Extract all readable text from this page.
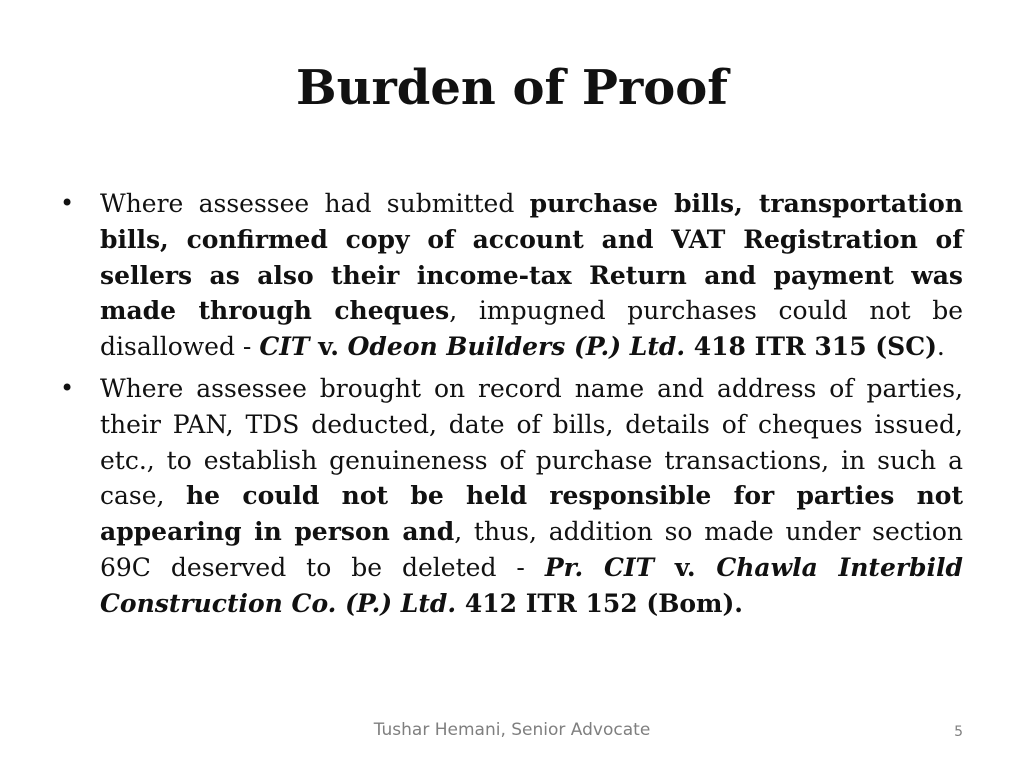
Burden of Proof
• Where assessee had submitted purchase bills, transportation bills, confirmed copy of account and VAT Registration of sellers as also their income-tax Return and payment was made through cheques, impugned purchases could not be disallowed - CIT v. Odeon Builders (P.) Ltd. 418 ITR 315 (SC).
• Where assessee brought on record name and address of parties, their PAN, TDS deducted, date of bills, details of cheques issued, etc., to establish genuineness of purchase transactions, in such a case, he could not be held responsible for parties not appearing in person and, thus, addition so made under section 69C deserved to be deleted - Pr. CIT v. Chawla Interbild Construction Co. (P.) Ltd. 412 ITR 152 (Bom).
Tushar Hemani, Senior Advocate	5
